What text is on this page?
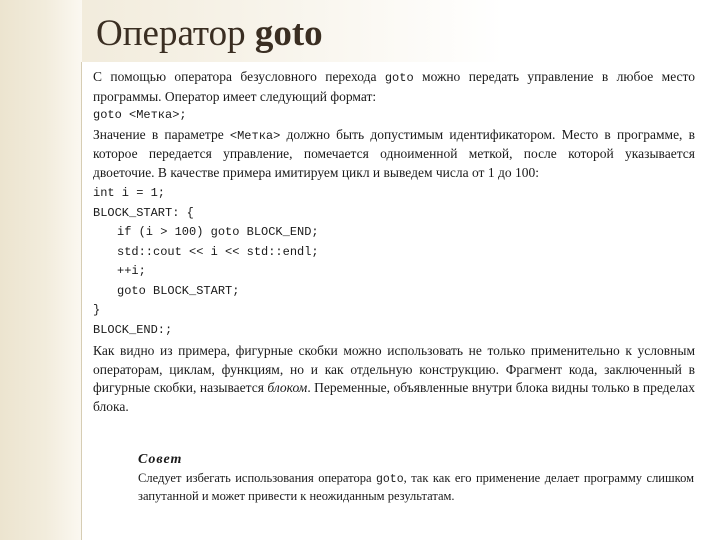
Оператор goto

С помощью оператора безусловного перехода goto можно передать управление в любое место программы. Оператор имеет следующий формат:

goto <Метка>;

Значение в параметре <Метка> должно быть допустимым идентификатором. Место в программе, в которое передается управление, помечается одноименной меткой, после которой указывается двоеточие. В качестве примера имитируем цикл и выведем числа от 1 до 100:

int i = 1;

BLOCK_START: {

if (i > 100) goto BLOCK_END;

std::cout << i << std::endl;

++i;

goto BLOCK_START;

}

BLOCK_END:;

Как видно из примера, фигурные скобки можно использовать не только применительно к условным операторам, циклам, функциям, но и как отдельную конструкцию. Фрагмент кода, заключенный в фигурные скобки, называется блоком. Переменные, объявленные внутри блока видны только в пределах блока.

Совет

Следует избегать использования оператора goto, так как его применение делает программу слишком запутанной и может привести к неожиданным результатам.
